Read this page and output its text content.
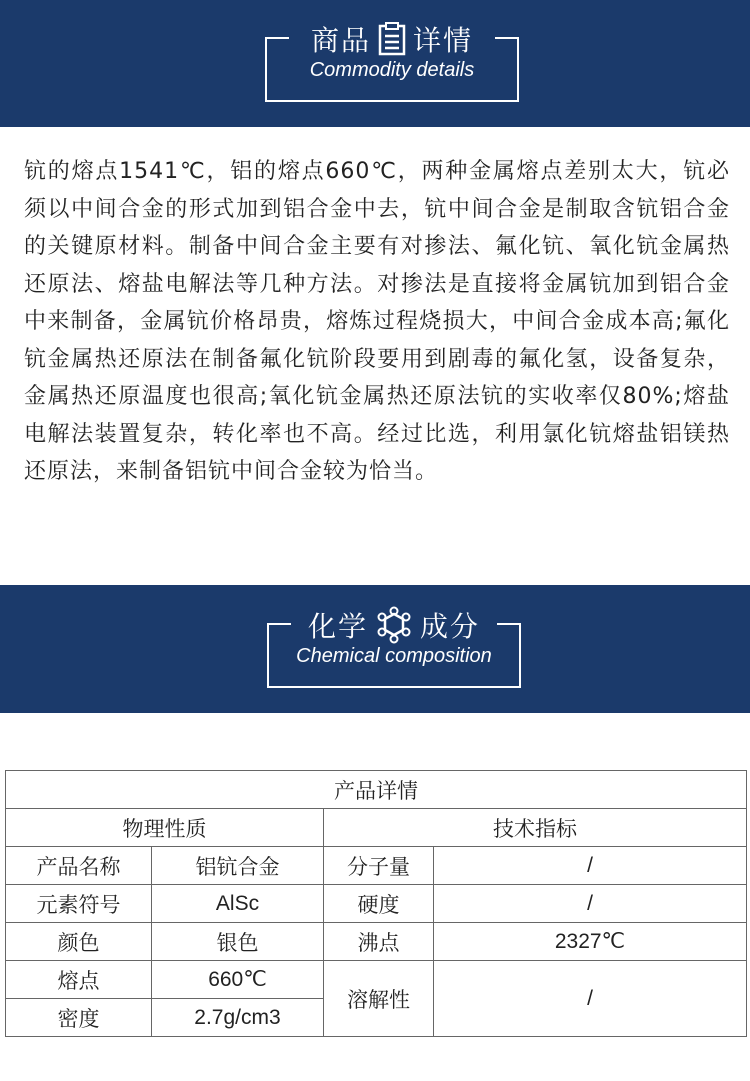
商品 详情
Commodity details
钪的熔点1541℃，铝的熔点660℃，两种金属熔点差别太大，钪必须以中间合金的形式加到铝合金中去，钪中间合金是制取含钪铝合金的关键原材料。制备中间合金主要有对掺法、氟化钪、氧化钪金属热还原法、熔盐电解法等几种方法。对掺法是直接将金属钪加到铝合金中来制备，金属钪价格昂贵，熔炼过程烧损大，中间合金成本高;氟化钪金属热还原法在制备氟化钪阶段要用到剧毒的氟化氢，设备复杂，金属热还原温度也很高;氧化钪金属热还原法钪的实收率仅80%;熔盐电解法装置复杂，转化率也不高。经过比选，利用氯化钪熔盐铝镁热还原法，来制备铝钪中间合金较为恰当。
化学 成分
Chemical composition
产品详情			
物理性质		技术指标	
产品名称	铝钪合金	分子量	/
元素符号	AlSc	硬度	/
颜色	银色	沸点	2327℃
熔点	660℃	溶解性	/
密度	2.7g/cm3		
